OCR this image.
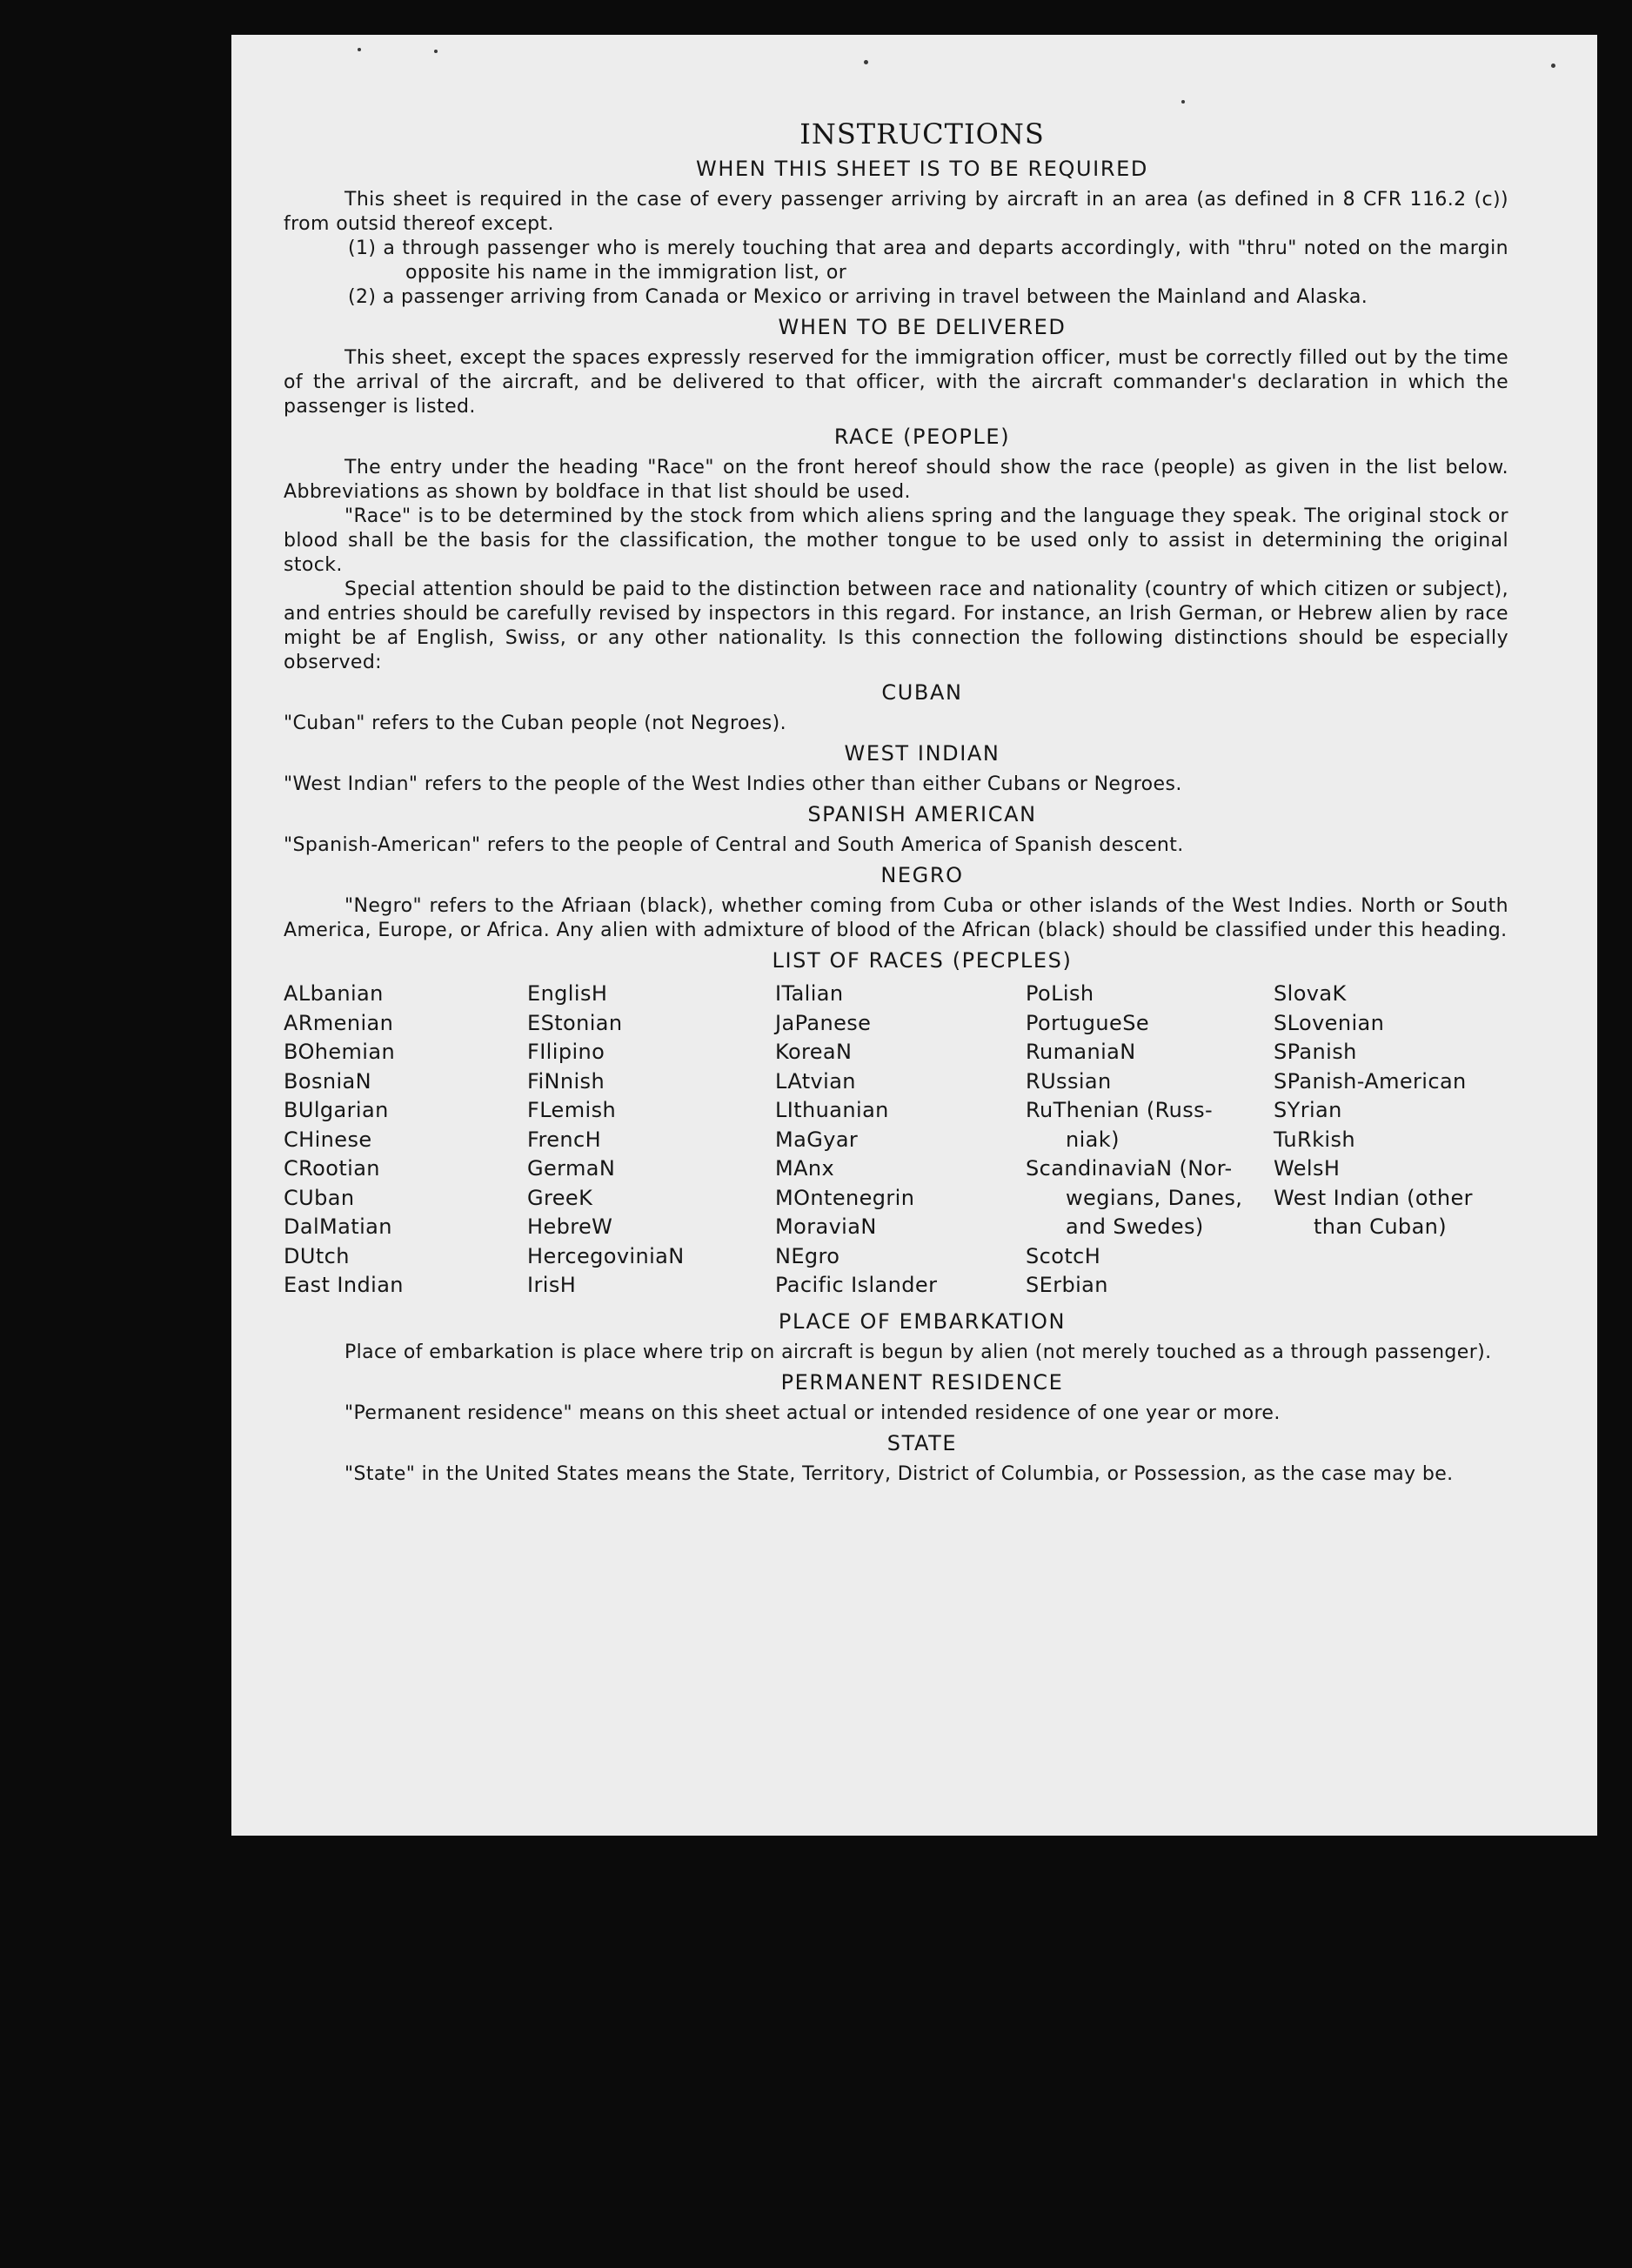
INSTRUCTIONS
WHEN THIS SHEET IS TO BE REQUIRED

This sheet is required in the case of every passenger arriving by aircraft in an area (as defined in 8 CFR 116.2 (c)) from outsid thereof except.

(1) a through passenger who is merely touching that area and departs accordingly, with "thru" noted on the margin opposite his name in the immigration list, or

(2) a passenger arriving from Canada or Mexico or arriving in travel between the Mainland and Alaska.

WHEN TO BE DELIVERED

This sheet, except the spaces expressly reserved for the immigration officer, must be correctly filled out by the time of the arrival of the aircraft, and be delivered to that officer, with the aircraft commander's declaration in which the passenger is listed.

RACE (PEOPLE)

The entry under the heading "Race" on the front hereof should show the race (people) as given in the list below. Abbreviations as shown by boldface in that list should be used.

"Race" is to be determined by the stock from which aliens spring and the language they speak. The original stock or blood shall be the basis for the classification, the mother tongue to be used only to assist in determining the original stock.

Special attention should be paid to the distinction between race and nationality (country of which citizen or subject), and entries should be carefully revised by inspectors in this regard. For instance, an Irish German, or Hebrew alien by race might be af English, Swiss, or any other nationality. Is this connection the following distinctions should be especially observed:

CUBAN

"Cuban" refers to the Cuban people (not Negroes).

WEST INDIAN

"West Indian" refers to the people of the West Indies other than either Cubans or Negroes.

SPANISH AMERICAN

"Spanish-American" refers to the people of Central and South America of Spanish descent.

NEGRO

"Negro" refers to the Afriaan (black), whether coming from Cuba or other islands of the West Indies. North or South America, Europe, or Africa. Any alien with admixture of blood of the African (black) should be classified under this heading.

LIST OF RACES (PECPLES)
ALbanian
ARmenian
BOhemian
BosniaN
BUlgarian
CHinese
CRootian
CUban
DalMatian
DUtch
East Indian
EnglisH
EStonian
FIlipino
FiNnish
FLemish
FrencH
GermaN
GreeK
HebreW
HercegoviniaN
IrisH
ITalian
JaPanese
KoreaN
LAtvian
LIthuanian
MaGyar
MAnx
MOntenegrin
MoraviaN
NEgro
Pacific Islander
PoLish
PortugueSe
RumaniaN
RUssian
RuThenian (Russ-
niak)
ScandinaviaN (Nor-
wegians, Danes,
and Swedes)
ScotcH
SErbian
SlovaK
SLovenian
SPanish
SPanish-American
SYrian
TuRkish
WelsH
West Indian (other
than Cuban)
PLACE OF EMBARKATION

Place of embarkation is place where trip on aircraft is begun by alien (not merely touched as a through passenger).

PERMANENT RESIDENCE

"Permanent residence" means on this sheet actual or intended residence of one year or more.

STATE

"State" in the United States means the State, Territory, District of Columbia, or Possession, as the case may be.
